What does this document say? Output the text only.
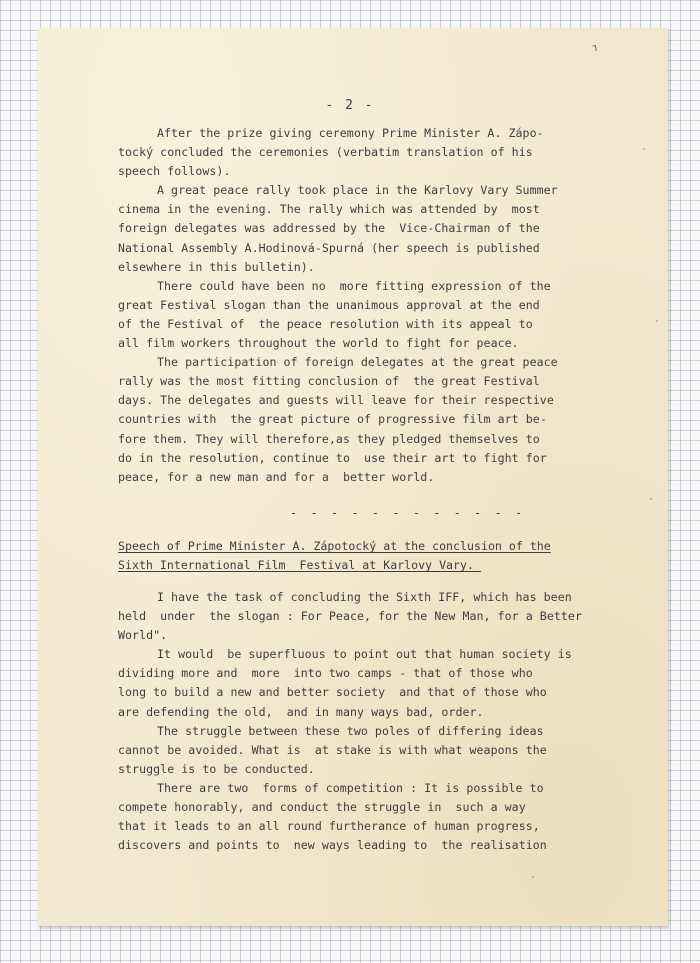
٦
- 2 -
After the prize giving ceremony Prime Minister A. Zápo-
tocký concluded the ceremonies (verbatim translation of his
speech follows).
A great peace rally took place in the Karlovy Vary Summer
cinema in the evening. The rally which was attended by  most
foreign delegates was addressed by the  Vice-Chairman of the
National Assembly A.Hodinová-Spurná (her speech is published
elsewhere in this bulletin).
There could have been no  more fitting expression of the
great Festival slogan than the unanimous approval at the end
of the Festival of  the peace resolution with its appeal to
all film workers throughout the world to fight for peace.
The participation of foreign delegates at the great peace
rally was the most fitting conclusion of  the great Festival
days. The delegates and guests will leave for their respective
countries with  the great picture of progressive film art be-
fore them. They will therefore,as they pledged themselves to
do in the resolution, continue to  use their art to fight for
peace, for a new man and for a  better world.
- - - - - - - - - - - -
Speech of Prime Minister A. Zápotocký at the conclusion of the
Sixth International Film  Festival at Karlovy Vary._
I have the task of concluding the Sixth IFF, which has been
held  under  the slogan : For Peace, for the New Man, for a Better
World".
It would  be superfluous to point out that human society is
dividing more and  more  into two camps - that of those who
long to build a new and better society  and that of those who
are defending the old,  and in many ways bad, order.
The struggle between these two poles of differing ideas
cannot be avoided. What is  at stake is with what weapons the
struggle is to be conducted.
There are two  forms of competition : It is possible to
compete honorably, and conduct the struggle in  such a way
that it leads to an all round furtherance of human progress,
discovers and points to  new ways leading to  the realisation
